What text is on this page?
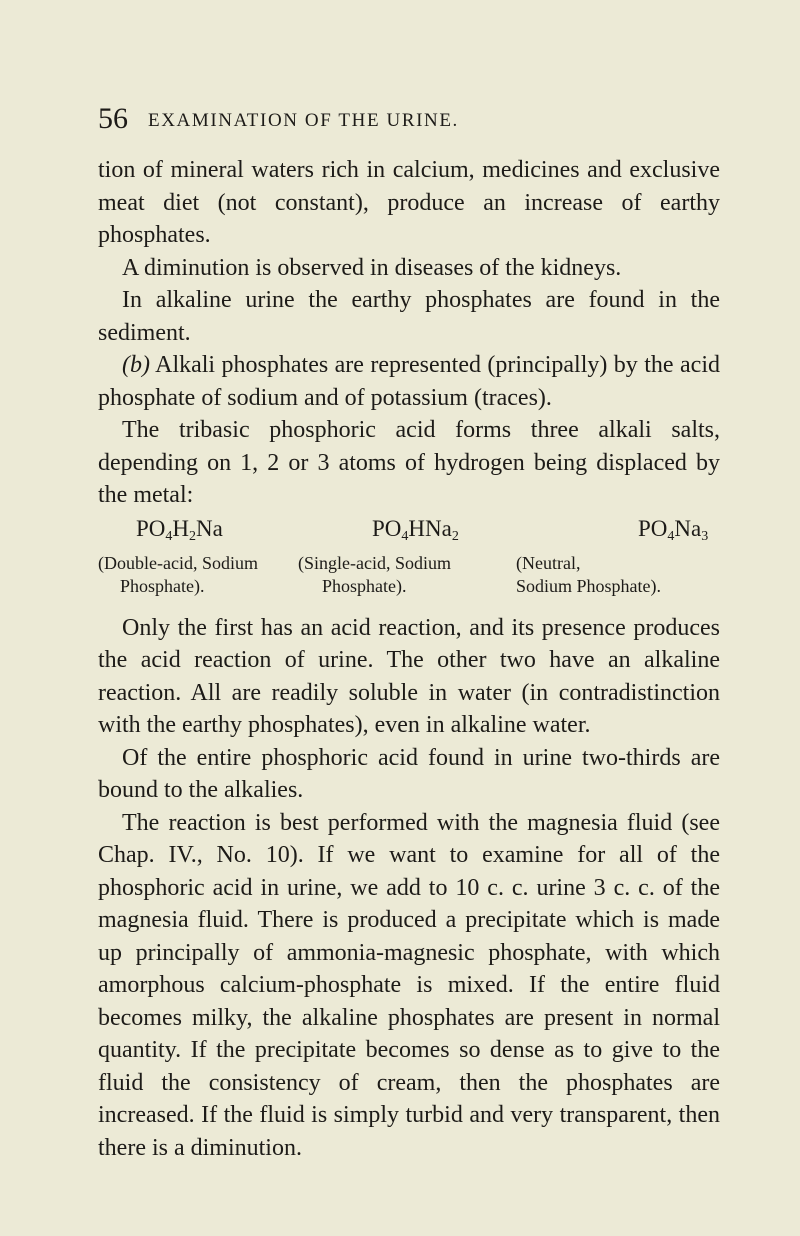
56 EXAMINATION OF THE URINE.

tion of mineral waters rich in calcium, medicines and exclusive meat diet (not constant), produce an increase of earthy phosphates.

A diminution is observed in diseases of the kidneys.

In alkaline urine the earthy phosphates are found in the sediment.

(b) Alkali phosphates are represented (principally) by the acid phosphate of sodium and of potassium (traces).

The tribasic phosphoric acid forms three alkali salts, depending on 1, 2 or 3 atoms of hydrogen being displaced by the metal:

$PO_4H_2Na$	$PO_4HNa_2$	$PO_4Na_3$
(Double-acid, Sodium
Phosphate).
(Single-acid, Sodium
Phosphate).
(Neutral,
Sodium Phosphate).

Only the first has an acid reaction, and its presence produces the acid reaction of urine. The other two have an alkaline reaction. All are readily soluble in water (in contradistinction with the earthy phosphates), even in alkaline water.

Of the entire phosphoric acid found in urine two-thirds are bound to the alkalies.

The reaction is best performed with the magnesia fluid (see Chap. IV., No. 10). If we want to examine for all of the phosphoric acid in urine, we add to 10 c. c. urine 3 c. c. of the magnesia fluid. There is produced a precipitate which is made up principally of ammonia-magnesic phosphate, with which amorphous calcium-phosphate is mixed. If the entire fluid becomes milky, the alkaline phosphates are present in normal quantity. If the precipitate becomes so dense as to give to the fluid the consistency of cream, then the phosphates are increased. If the fluid is simply turbid and very transparent, then there is a diminution.
